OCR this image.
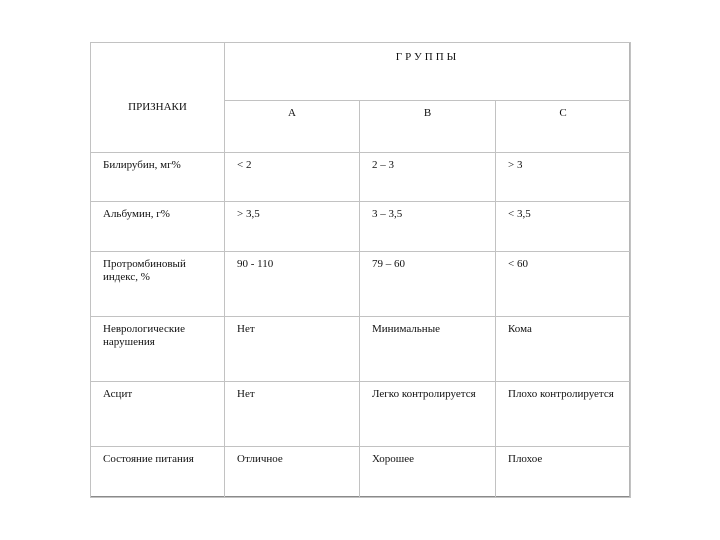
ПРИЗНАКИ	ГРУППЫ		
	A	B	C
Билирубин, мг%	< 2	2 – 3	> 3
Альбумин, г%	> 3,5	3 – 3,5	< 3,5
Протромбиновый индекс, %	90 - 110	79 – 60	< 60
Неврологические нарушения	Нет	Минимальные	Кома
Асцит	Нет	Легко контролируется	Плохо контролируется
Состояние питания	Отличное	Хорошее	Плохое
